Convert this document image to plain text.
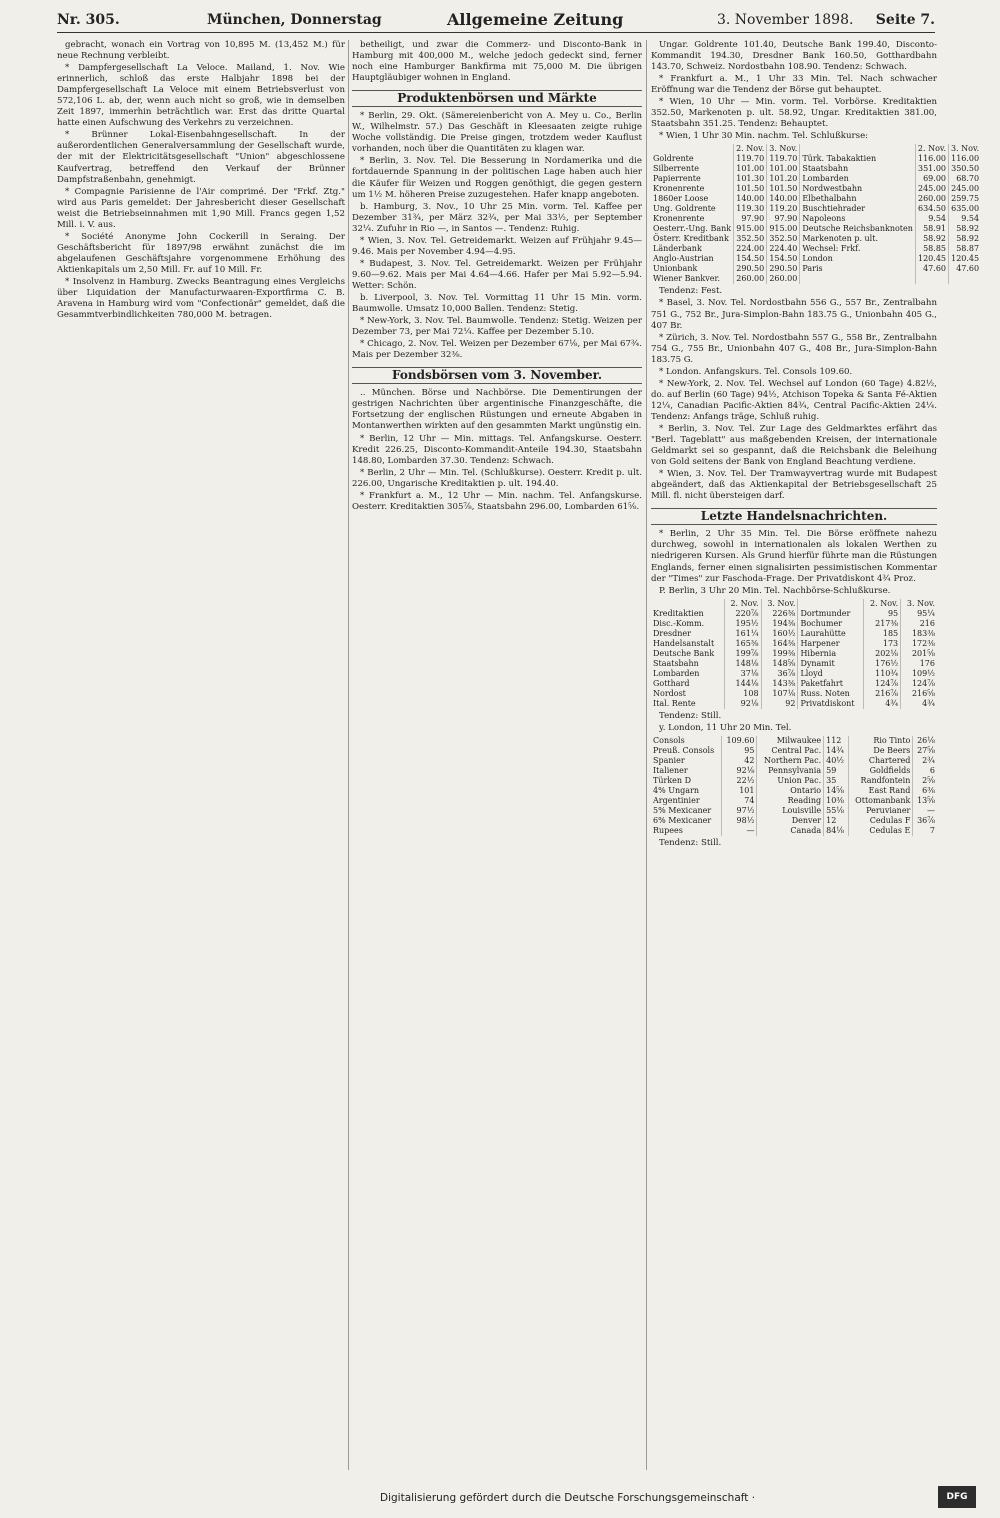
Nr. 305.	München, Donnerstag	Allgemeine Zeitung	3. November 1898. Seite 7.

gebracht, wonach ein Vortrag von 10,895 M. (13,452 M.) für neue Rechnung verbleibt.

* Dampfergesellschaft La Veloce. Mailand, 1. Nov. Wie erinnerlich, schloß das erste Halbjahr 1898 bei der Dampfergesellschaft La Veloce mit einem Betriebsverlust von 572,106 L. ab, der, wenn auch nicht so groß, wie in demselben Zeit 1897, immerhin beträchtlich war. Erst das dritte Quartal hatte einen Aufschwung des Verkehrs zu verzeichnen.

* Brünner Lokal-Eisenbahngesellschaft. In der außerordentlichen Generalversammlung der Gesellschaft wurde, der mit der Elektricitätsgesellschaft "Union" abgeschlossene Kaufvertrag, betreffend den Verkauf der Brünner Dampfstraßenbahn, genehmigt.

* Compagnie Parisienne de l'Air comprimé. Der "Frkf. Ztg." wird aus Paris gemeldet: Der Jahresbericht dieser Gesellschaft weist die Betriebseinnahmen mit 1,90 Mill. Francs gegen 1,52 Mill. i. V. aus.

* Société Anonyme John Cockerill in Seraing. Der Geschäftsbericht für 1897/98 erwähnt zunächst die im abgelaufenen Geschäftsjahre vorgenommene Erhöhung des Aktienkapitals um 2,50 Mill. Fr. auf 10 Mill. Fr.

* Insolvenz in Hamburg. Zwecks Beantragung eines Vergleichs über Liquidation der Manufacturwaaren-Exportfirma C. B. Aravena in Hamburg wird vom "Confectionär" gemeldet, daß die Gesammtverbindlichkeiten 780,000 M. betragen.

betheiligt, und zwar die Commerz- und Disconto-Bank in Hamburg mit 400,000 M., welche jedoch gedeckt sind, ferner noch eine Hamburger Bankfirma mit 75,000 M. Die übrigen Hauptgläubiger wohnen in England.

Produktenbörsen und Märkte

* Berlin, 29. Okt. (Sämereienbericht von A. Mey u. Co., Berlin W., Wilhelmstr. 57.) Das Geschäft in Kleesaaten zeigte ruhige Woche vollständig. Die Preise gingen, trotzdem weder Kauflust vorhanden, noch über die Quantitäten zu klagen war.

* Berlin, 3. Nov. Tel. Die Besserung in Nordamerika und die fortdauernde Spannung in der politischen Lage haben auch hier die Käufer für Weizen und Roggen genöthigt, die gegen gestern um 1½ M. höheren Preise zuzugestehen. Hafer knapp angeboten.

b. Hamburg, 3. Nov., 10 Uhr 25 Min. vorm. Tel. Kaffee per Dezember 31¾, per März 32¾, per Mai 33½, per September 32¼. Zufuhr in Rio —, in Santos —. Tendenz: Ruhig.

* Wien, 3. Nov. Tel. Getreidemarkt. Weizen auf Frühjahr 9.45—9.46. Mais per November 4.94—4.95.

* Budapest, 3. Nov. Tel. Getreidemarkt. Weizen per Frühjahr 9.60—9.62. Mais per Mai 4.64—4.66. Hafer per Mai 5.92—5.94. Wetter: Schön.

b. Liverpool, 3. Nov. Tel. Vormittag 11 Uhr 15 Min. vorm. Baumwolle. Umsatz 10,000 Ballen. Tendenz: Stetig.

* New-York, 3. Nov. Tel. Baumwolle. Tendenz: Stetig. Weizen per Dezember 73, per Mai 72¼. Kaffee per Dezember 5.10.

* Chicago, 2. Nov. Tel. Weizen per Dezember 67⅛, per Mai 67¾. Mais per Dezember 32⅜.

Fondsbörsen vom 3. November.

.. München. Börse und Nachbörse. Die Dementirungen der gestrigen Nachrichten über argentinische Finanzgeschäfte, die Fortsetzung der englischen Rüstungen und erneute Abgaben in Montanwerthen wirkten auf den gesammten Markt ungünstig ein.

* Berlin, 12 Uhr — Min. mittags. Tel. Anfangskurse. Oesterr. Kredit 226.25, Disconto-Kommandit-Anteile 194.30, Staatsbahn 148.80, Lombarden 37.30. Tendenz: Schwach.

* Berlin, 2 Uhr — Min. Tel. (Schlußkurse). Oesterr. Kredit p. ult. 226.00, Ungarische Kreditaktien p. ult. 194.40.

* Frankfurt a. M., 12 Uhr — Min. nachm. Tel. Anfangskurse. Oesterr. Kreditaktien 305⅞, Staatsbahn 296.00, Lombarden 61⅝.

Ungar. Goldrente 101.40, Deutsche Bank 199.40, Disconto-Kommandit 194.30, Dresdner Bank 160.50, Gotthardbahn 143.70, Schweiz. Nordostbahn 108.90. Tendenz: Schwach.

* Frankfurt a. M., 1 Uhr 33 Min. Tel. Nach schwacher Eröffnung war die Tendenz der Börse gut behauptet.

* Wien, 10 Uhr — Min. vorm. Tel. Vorbörse. Kreditaktien 352.50, Markenoten p. ult. 58.92, Ungar. Kreditaktien 381.00, Staatsbahn 351.25. Tendenz: Behauptet.

* Wien, 1 Uhr 30 Min. nachm. Tel. Schlußkurse:

	2. Nov.	3. Nov.		2. Nov.	3. Nov.
Goldrente	119.70	119.70	Türk. Tabakaktien	116.00	116.00
Silberrente	101.00	101.00	Staatsbahn	351.00	350.50
Papierrente	101.30	101.20	Lombarden	69.00	68.70
Kronenrente	101.50	101.50	Nordwestbahn	245.00	245.00
1860er Loose	140.00	140.00	Elbethalbahn	260.00	259.75
Ung. Goldrente	119.30	119.20	Buschtiehrader	634.50	635.00
Kronenrente	97.90	97.90	Napoleons	9.54	9.54
Oesterr.-Ung. Bank	915.00	915.00	Deutsche Reichsbanknoten	58.91	58.92
Österr. Kreditbank	352.50	352.50	Markenoten p. ult.	58.92	58.92
Länderbank	224.00	224.40	Wechsel: Frkf.	58.85	58.87
Anglo-Austrian	154.50	154.50	London	120.45	120.45
Unionbank	290.50	290.50	Paris	47.60	47.60
Wiener Bankver.	260.00	260.00			

Tendenz: Fest.

* Basel, 3. Nov. Tel. Nordostbahn 556 G., 557 Br., Zentralbahn 751 G., 752 Br., Jura-Simplon-Bahn 183.75 G., Unionbahn 405 G., 407 Br.

* Zürich, 3. Nov. Tel. Nordostbahn 557 G., 558 Br., Zentralbahn 754 G., 755 Br., Unionbahn 407 G., 408 Br., Jura-Simplon-Bahn 183.75 G.

* London. Anfangskurs. Tel. Consols 109.60.

* New-York, 2. Nov. Tel. Wechsel auf London (60 Tage) 4.82½, do. auf Berlin (60 Tage) 94½, Atchison Topeka & Santa Fé-Aktien 12¼, Canadian Pacific-Aktien 84¾, Central Pacific-Aktien 24¼. Tendenz: Anfangs träge, Schluß ruhig.

* Berlin, 3. Nov. Tel. Zur Lage des Geldmarktes erfährt das "Berl. Tageblatt" aus maßgebenden Kreisen, der internationale Geldmarkt sei so gespannt, daß die Reichsbank die Beleihung von Gold seitens der Bank von England Beachtung verdiene.

* Wien, 3. Nov. Tel. Der Tramwayvertrag wurde mit Budapest abgeändert, daß das Aktienkapital der Betriebsgesellschaft 25 Mill. fl. nicht übersteigen darf.

Letzte Handelsnachrichten.

* Berlin, 2 Uhr 35 Min. Tel. Die Börse eröffnete nahezu durchweg, sowohl in internationalen als lokalen Werthen zu niedrigeren Kursen. Als Grund hierfür führte man die Rüstungen Englands, ferner einen signalisirten pessimistischen Kommentar der "Times" zur Faschoda-Frage. Der Privatdiskont 4¾ Proz.

P. Berlin, 3 Uhr 20 Min. Tel. Nachbörse-Schlußkurse.

	2. Nov.	3. Nov.		2. Nov.	3. Nov.
Kreditaktien	220⅞	226⅜	Dortmunder	95	95¼
Disc.-Komm.	195½	194⅜	Bochumer	217⅜	216
Dresdner	161¼	160½	Laurahütte	185	183⅜
Handelsanstalt	165⅜	164⅜	Harpener	173	172⅜
Deutsche Bank	199⅞	199⅜	Hibernia	202⅛	201⅝
Staatsbahn	148⅛	148⅝	Dynamit	176½	176
Lombarden	37⅛	36⅞	Lloyd	110¾	109½
Gotthard	144⅛	143⅜	Paketfahrt	124⅞	124⅞
Nordost	108	107⅛	Russ. Noten	216⅞	216⅝
Ital. Rente	92⅛	92	Privatdiskont	4¾	4¾

Tendenz: Still.

y. London, 11 Uhr 20 Min. Tel.

Consols	109.60	Milwaukee	112	Rio Tinto	26⅛
Preuß. Consols	95	Central Pac.	14¾	De Beers	27⅝
Spanier	42	Northern Pac.	40½	Chartered	2¾
Italiener	92⅛	Pennsylvania	59	Goldfields	6
Türken D	22½	Union Pac.	35	Randfontein	2⅝
4% Ungarn	101	Ontario	14⅝	East Rand	6⅜
Argentinier	74	Reading	10⅜	Ottomanbank	13⅝
5% Mexicaner	97½	Louisville	55⅛	Peruvianer	—
6% Mexicaner	98½	Denver	12	Cedulas F	36⅞
Rupees	—	Canada	84⅛	Cedulas E	7

Tendenz: Still.

Digitalisierung gefördert durch die Deutsche Forschungsgemeinschaft ·	DFG
